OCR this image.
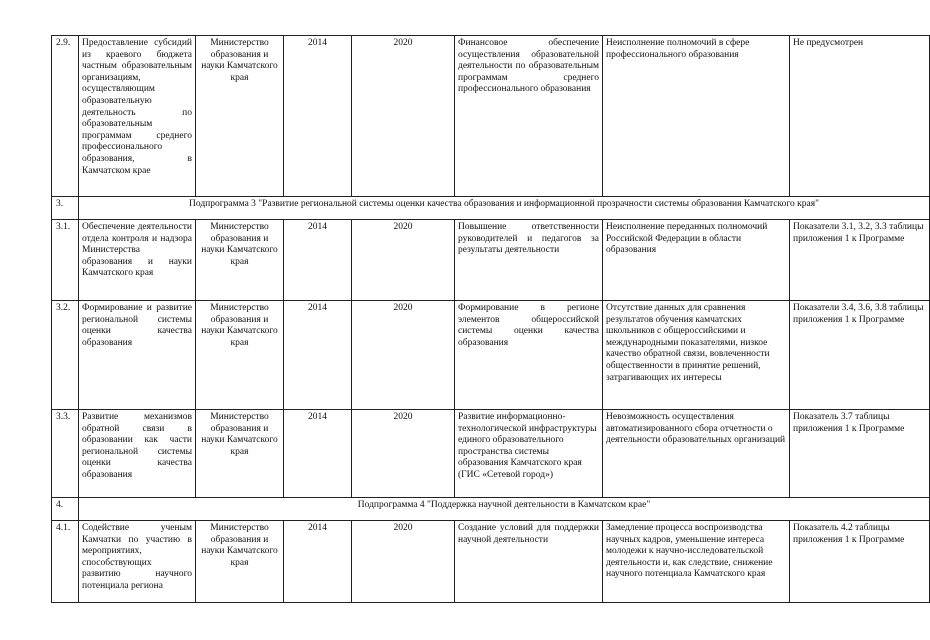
2.9.	Предоставление субсидий из краевого бюджета частным образовательным организациям, осуществляющим образовательную деятельность по образовательным программам среднего профессионального образования, в Камчатском крае	Министерство образования и науки Камчатского края	2014	2020	Финансовое обеспечение осуществления образовательной деятельности по образовательным программам среднего профессионального образования	Неисполнение полномочий в сфере профессионального образования	Не предусмотрен
3.	Подпрограмма 3 "Развитие региональной системы оценки качества образования и информационной прозрачности системы образования Камчатского края"						
3.1.	Обеспечение деятельности отдела контроля и надзора Министерства образования и науки Камчатского края	Министерство образования и науки Камчатского края	2014	2020	Повышение ответственности руководителей и педагогов за результаты деятельности	Неисполнение переданных полномочий Российской Федерации в области образования	Показатели 3.1, 3.2, 3.3 таблицы приложения 1 к Программе
3.2.	Формирование и развитие региональной системы оценки качества образования	Министерство образования и науки Камчатского края	2014	2020	Формирование в регионе элементов общероссийской системы оценки качества образования	Отсутствие данных для сравнения результатов обучения камчатских школьников с общероссийскими и международными показателями, низкое качество обратной связи, вовлеченности общественности в принятие решений, затрагивающих их интересы	Показатели 3.4, 3.6, 3.8 таблицы приложения 1 к Программе
3.3.	Развитие механизмов обратной связи в образовании как части региональной системы оценки качества образования	Министерство образования и науки Камчатского края	2014	2020	Развитие информационно-технологической инфраструктуры единого образовательного пространства системы образования Камчатского края (ГИС «Сетевой город»)	Невозможность осуществления автоматизированного сбора отчетности о деятельности образовательных организаций	Показатель 3.7 таблицы приложения 1 к Программе
4.	Подпрограмма 4 "Поддержка научной деятельности в Камчатском крае"						
4.1.	Содействие ученым Камчатки по участию в мероприятиях, способствующих развитию научного потенциала региона	Министерство образования и науки Камчатского края	2014	2020	Создание условий для поддержки научной деятельности	Замедление процесса воспроизводства научных кадров, уменьшение интереса молодежи к научно-исследовательской деятельности и, как следствие, снижение научного потенциала Камчатского края	Показатель 4.2 таблицы приложения 1 к Программе
